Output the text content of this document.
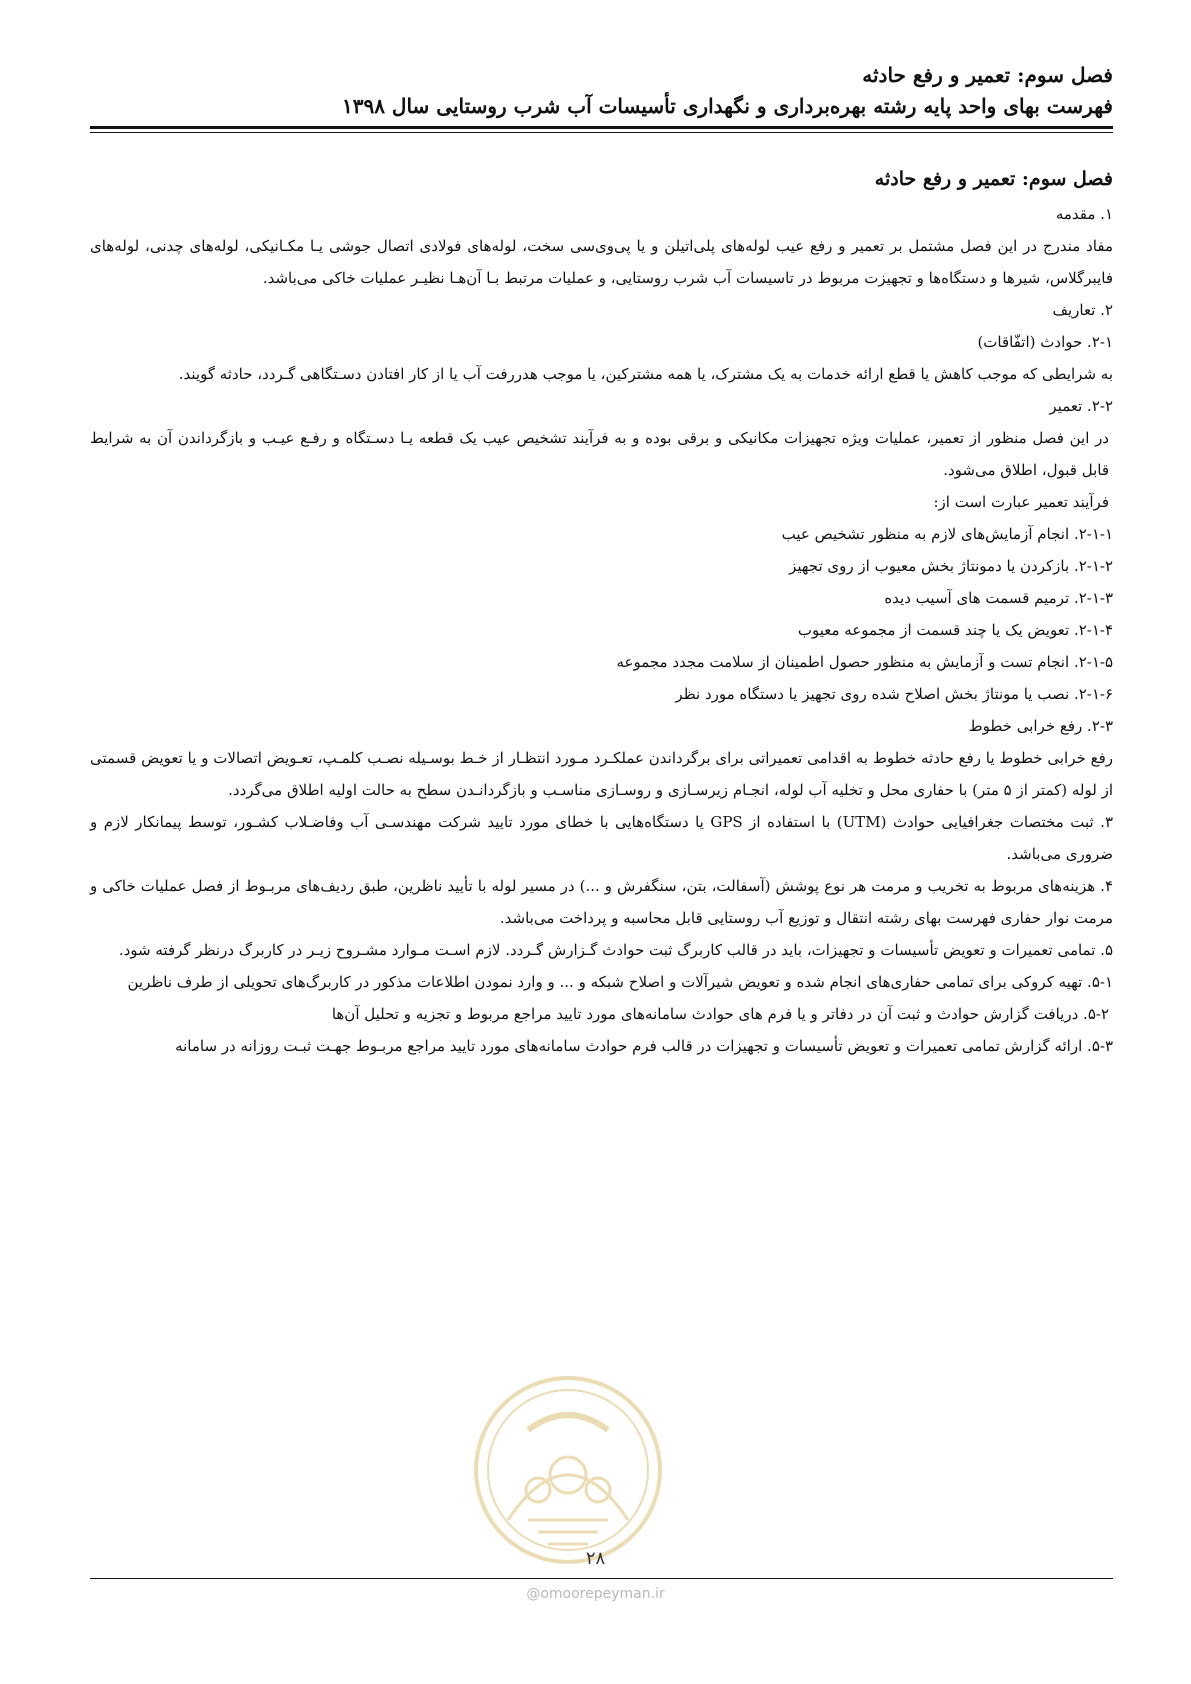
فصل سوم: تعمیر و رفع حادثه
فهرست بهای واحد پایه رشته بهره‌برداری و نگهداری تأسیسات آب شرب روستایی سال ۱۳۹۸
فصل سوم: تعمیر و رفع حادثه

۱. مقدمه

مفاد مندرج در این فصل مشتمل بر تعمیر و رفع عیب لوله‌های پلی‌اتیلن و یا پی‌وی‌سی سخت، لوله‌های فولادی اتصال جوشی یـا مکـانیکی، لوله‌های چدنی، لوله‌های فایبرگلاس، شیرها و دستگاه‌ها و تجهیزت مربوط در تاسیسات آب شرب روستایی، و عملیات مرتبط بـا آن‌هـا نظیـر عملیات خاکی می‌باشد.

۲. تعاریف

۲-۱. حوادث (اتفّاقات)

به شرایطی که موجب کاهش یا قطع ارائه خدمات به یک مشترک، یا همه مشترکین، یا موجب هدررفت آب یا از کار افتادن دسـتگاهی گـردد، حادثه گویند.

۲-۲. تعمیر

در این فصل منظور از تعمیر، عملیات ویژه تجهیزات مکانیکی و برقی بوده و به فرآیند تشخیص عیب یک قطعه یـا دسـتگاه و رفـع عیـب و بازگرداندن آن به شرایط قابل قبول، اطلاق می‌شود.

فرآیند تعمیر عبارت است از:

۲-۱-۱. انجام آزمایش‌های لازم به منظور تشخیص عیب

۲-۱-۲. بازکردن یا دمونتاژ بخش معیوب از روی تجهیز

۲-۱-۳. ترمیم قسمت های آسیب دیده

۲-۱-۴. تعویض یک یا چند قسمت از مجموعه معیوب

۲-۱-۵. انجام تست و آزمایش به منظور حصول اطمینان از سلامت مجدد مجموعه

۲-۱-۶. نصب یا مونتاژ بخش اصلاح شده روی تجهیز یا دستگاه مورد نظر

۲-۳. رفع خرابی خطوط

رفع خرابی خطوط یا رفع حادثه خطوط به اقدامی تعمیراتی برای برگرداندن عملکـرد مـورد انتظـار از خـط بوسـیله نصـب کلمـپ، تعـویض اتصالات و یا تعویض قسمتی از لوله (کمتر از ۵ متر) با حفاری محل و تخلیه آب لوله، انجـام زیرسـازی و روسـازی مناسـب و بازگردانـدن سطح به حالت اولیه اطلاق می‌گردد.

۳. ثبت مختصات جغرافیایی حوادث (UTM) با استفاده از GPS یا دستگاه‌هایی با خطای مورد تایید شرکت مهندسـی آب وفاضـلاب کشـور، توسط پیمانکار لازم و ضروری می‌باشد.

۴. هزینه‌های مربوط به تخریب و مرمت هر نوع پوشش (آسفالت، بتن، سنگفرش و ...) در مسیر لوله با تأیید ناظرین، طبق ردیف‌های مربـوط از فصل عملیات خاکی و مرمت نوار حفاری فهرست بهای رشته انتقال و توزیع آب روستایی قابل محاسبه و پرداخت می‌باشد.

۵. تمامی تعمیرات و تعویض تأسیسات و تجهیزات، باید در قالب کاربرگ ثبت حوادث گـزارش گـردد. لازم اسـت مـوارد مشـروح زیـر در کاربرگ درنظر گرفته شود.

۵-۱. تهیه کروکی برای تمامی حفاری‌های انجام شده و تعویض شیرآلات و اصلاح شبکه و ... و وارد نمودن اطلاعات مذکور در کاربرگ‌های تحویلی از طرف ناظرین

۵-۲. دریافت گزارش حوادث و ثبت آن در دفاتر و یا فرم های حوادث سامانه‌های مورد تایید مراجع مربوط و تجزیه و تحلیل آن‌ها

۵-۳. ارائه گزارش تمامی تعمیرات و تعویض تأسیسات و تجهیزات در قالب فرم حوادث سامانه‌های مورد تایید مراجع مربـوط جهـت ثبـت روزانه در سامانه

۲۸
@omoorepeyman.ir
